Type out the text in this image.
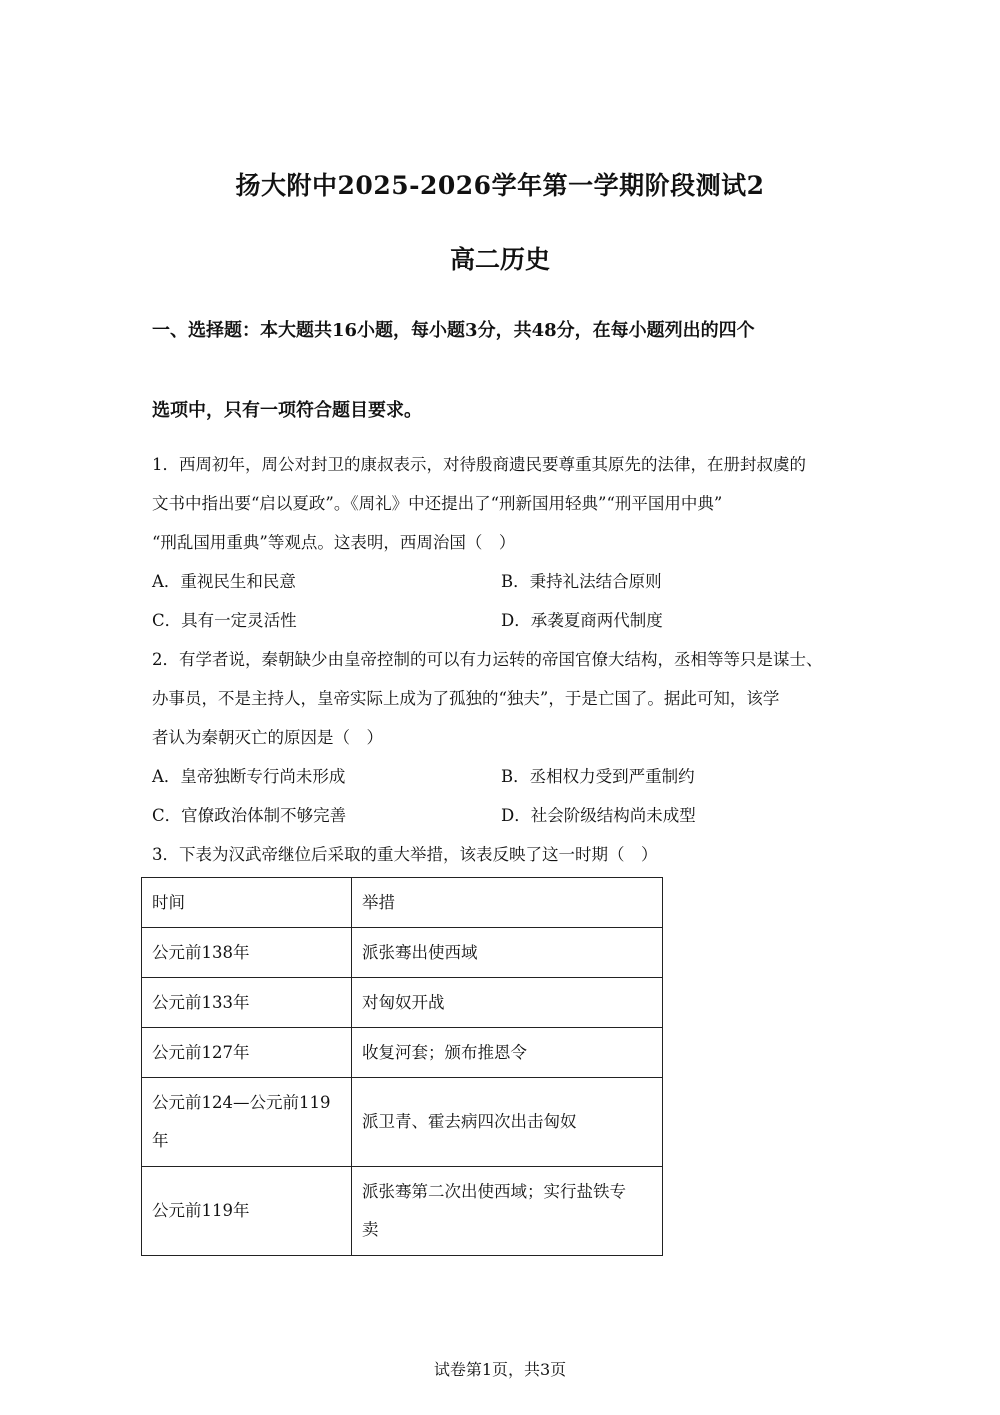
扬大附中2025-2026学年第一学期阶段测试2
高二历史
一、选择题：本大题共16小题，每小题3分，共48分，在每小题列出的四个
选项中，只有一项符合题目要求。
1．西周初年，周公对封卫的康叔表示，对待殷商遗民要尊重其原先的法律，在册封叔虞的
文书中指出要“启以夏政”。《周礼》中还提出了“刑新国用轻典”“刑平国用中典”
“刑乱国用重典”等观点。这表明，西周治国（　）
A．重视民生和民意	B．秉持礼法结合原则
C．具有一定灵活性	D．承袭夏商两代制度
2．有学者说，秦朝缺少由皇帝控制的可以有力运转的帝国官僚大结构，丞相等等只是谋士、
办事员，不是主持人，皇帝实际上成为了孤独的“独夫”，于是亡国了。据此可知，该学
者认为秦朝灭亡的原因是（　）
A．皇帝独断专行尚未形成	B．丞相权力受到严重制约
C．官僚政治体制不够完善	D．社会阶级结构尚未成型
3．下表为汉武帝继位后采取的重大举措，该表反映了这一时期（　）
时间	举措
公元前138年	派张骞出使西域
公元前133年	对匈奴开战
公元前127年	收复河套；颁布推恩令

公元前124—公元前119
年	派卫青、霍去病四次出击匈奴
公元前119年	派张骞第二次出使西域；实行盐铁专
卖
试卷第1页，共3页
